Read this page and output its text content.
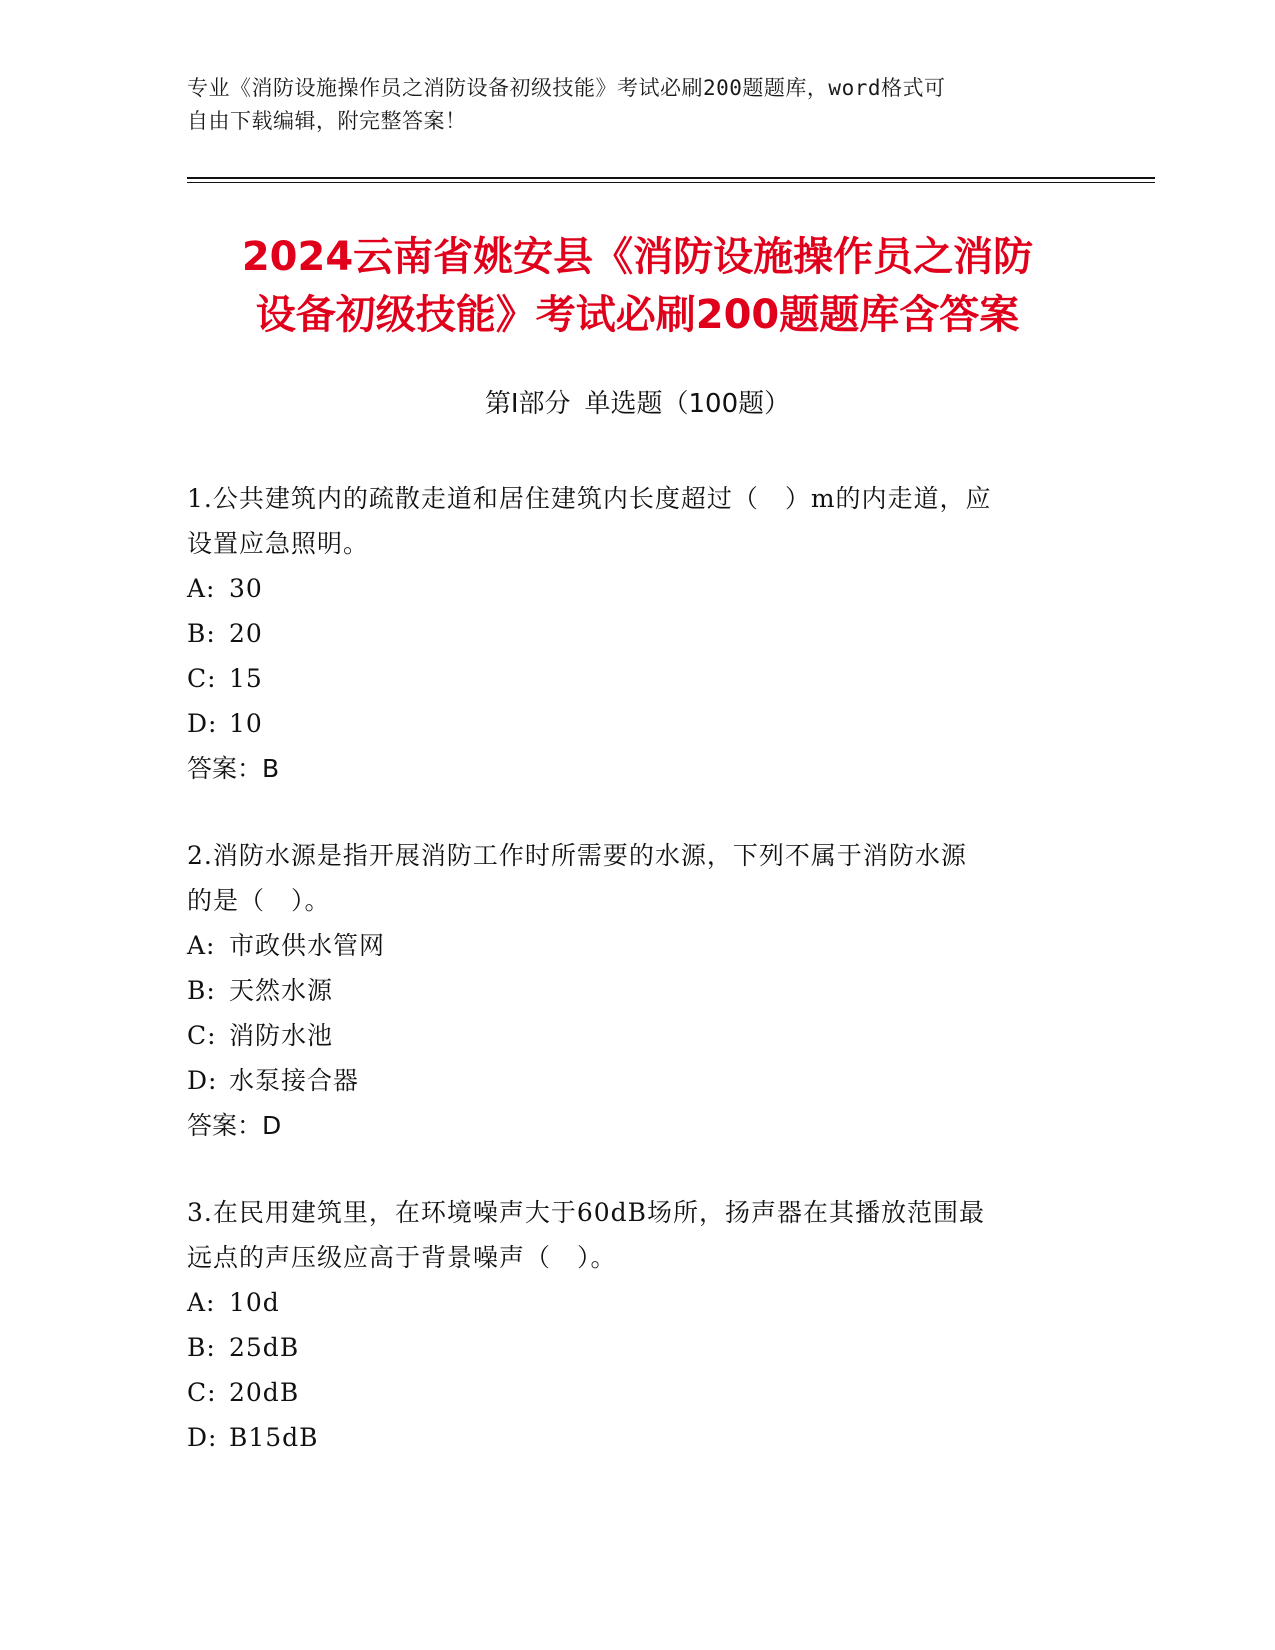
专业《消防设施操作员之消防设备初级技能》考试必刷200题题库，word格式可
自由下载编辑，附完整答案！
2024云南省姚安县《消防设施操作员之消防
设备初级技能》考试必刷200题题库含答案
第I部分 单选题（100题）
1.公共建筑内的疏散走道和居住建筑内长度超过（　）m的内走道，应
设置应急照明。
A: 30
B: 20
C: 15
D: 10
答案：B
2.消防水源是指开展消防工作时所需要的水源，下列不属于消防水源
的是（　）。
A: 市政供水管网
B: 天然水源
C: 消防水池
D: 水泵接合器
答案：D
3.在民用建筑里，在环境噪声大于60dB场所，扬声器在其播放范围最
远点的声压级应高于背景噪声（　）。
A: 10d
B: 25dB
C: 20dB
D: B15dB
